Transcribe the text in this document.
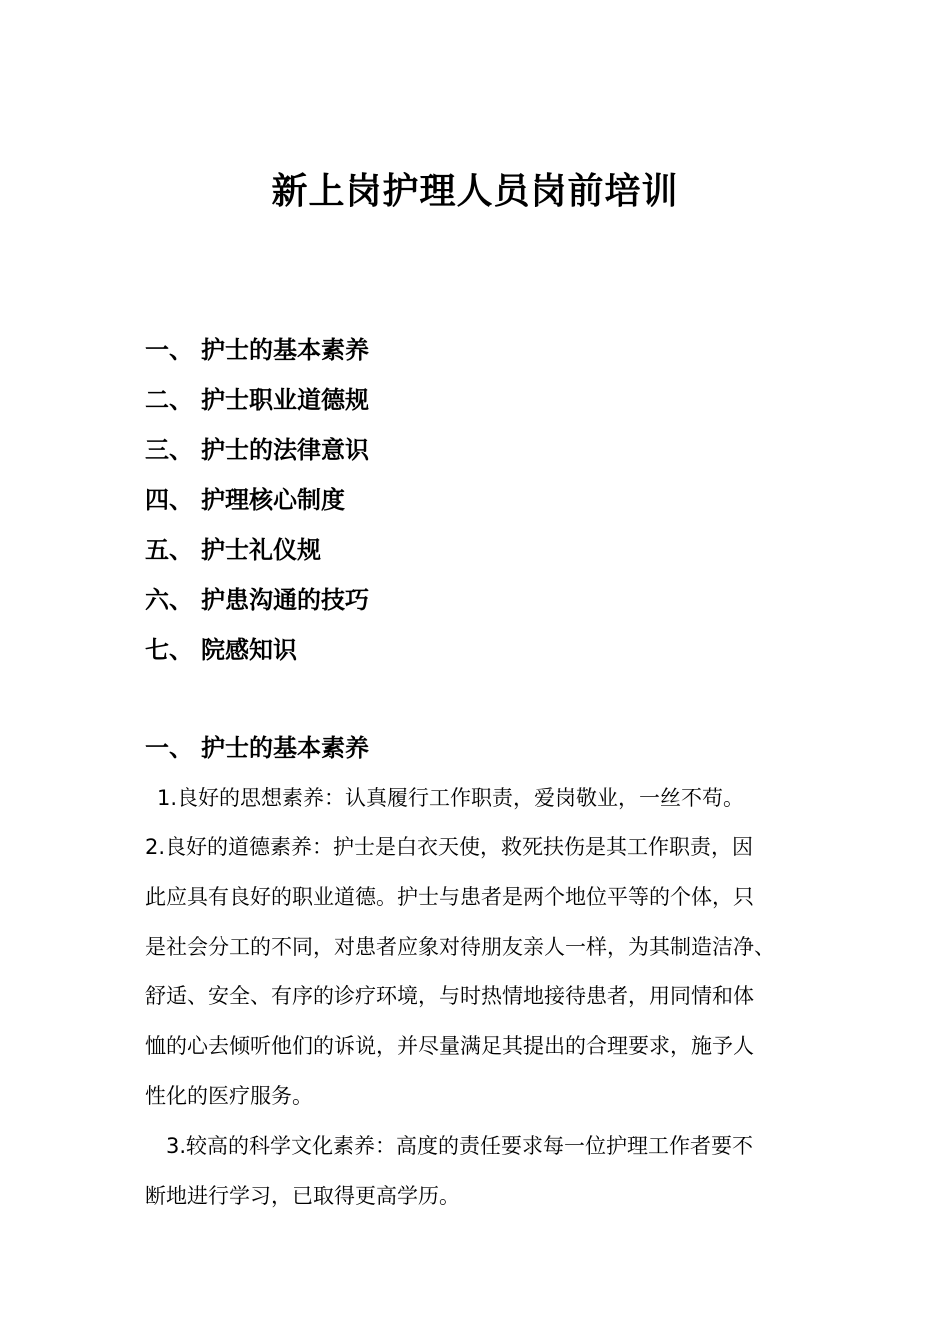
新上岗护理人员岗前培训
一、 护士的基本素养
二、 护士职业道德规
三、 护士的法律意识
四、 护理核心制度
五、 护士礼仪规
六、 护患沟通的技巧
七、 院感知识
一、 护士的基本素养
1.良好的思想素养：认真履行工作职责，爱岗敬业，一丝不苟。
2.良好的道德素养：护士是白衣天使，救死扶伤是其工作职责，因
此应具有良好的职业道德。护士与患者是两个地位平等的个体，只
是社会分工的不同，对患者应象对待朋友亲人一样，为其制造洁净、
舒适、安全、有序的诊疗环境，与时热情地接待患者，用同情和体
恤的心去倾听他们的诉说，并尽量满足其提出的合理要求，施予人
性化的医疗服务。
3.较高的科学文化素养：高度的责任要求每一位护理工作者要不
断地进行学习，已取得更高学历。
